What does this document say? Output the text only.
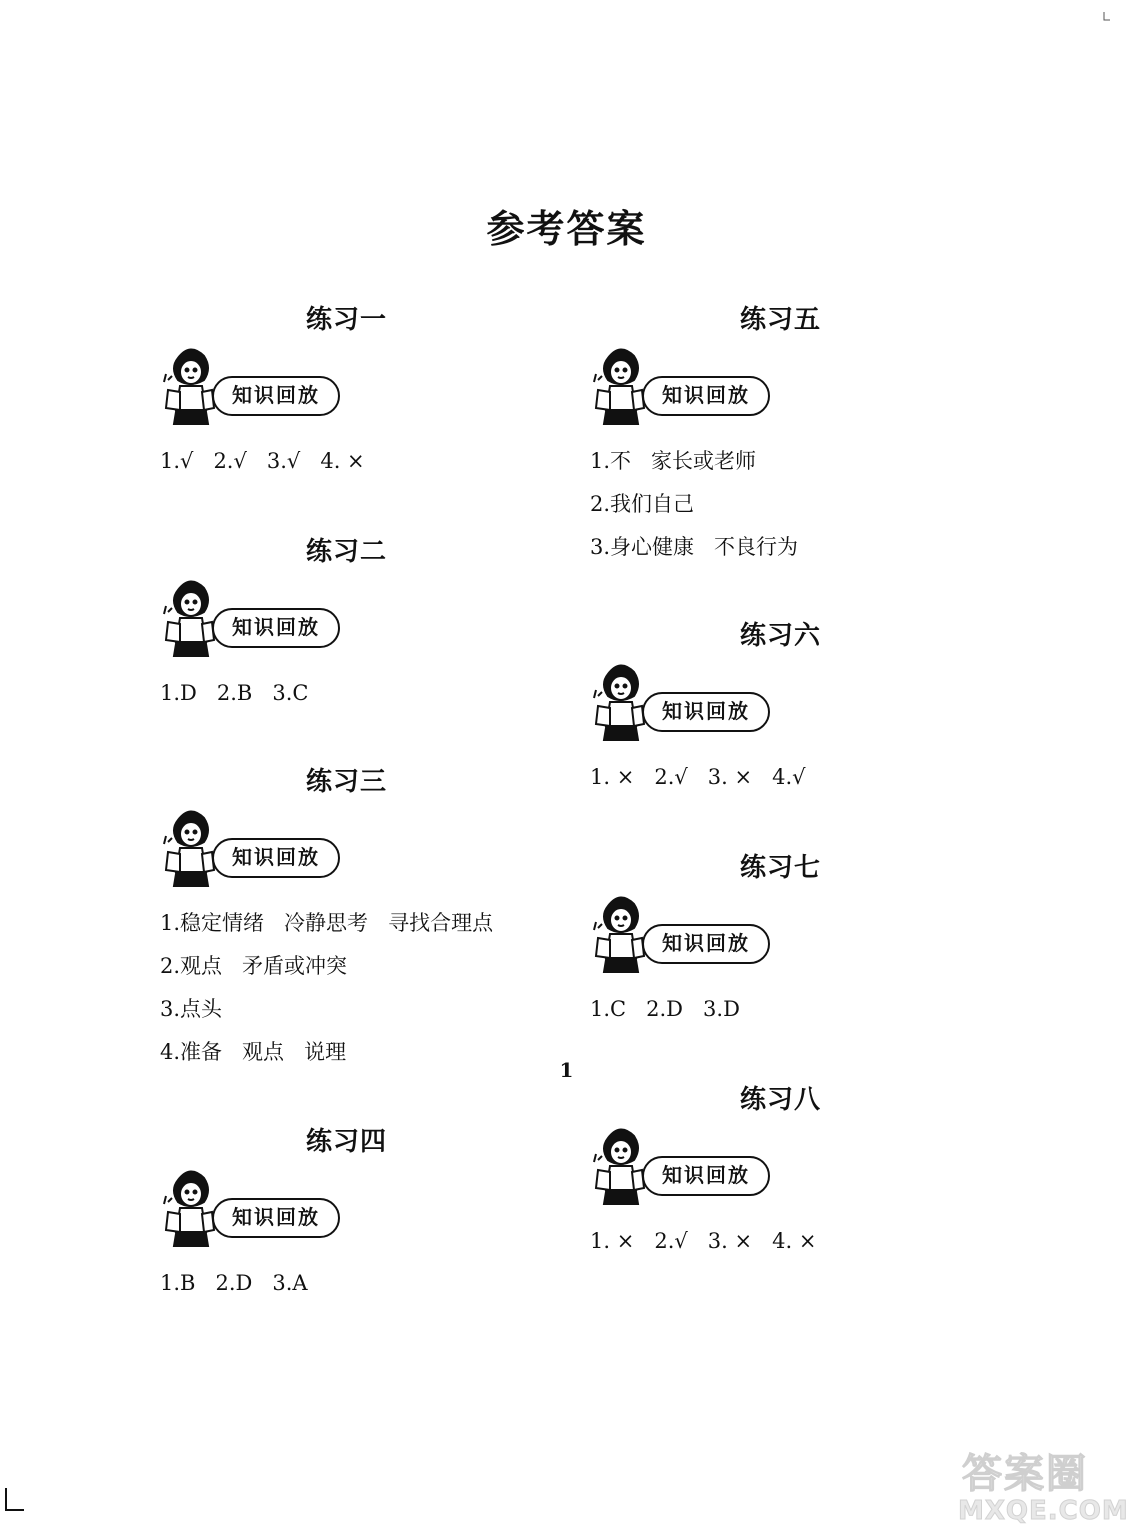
参考答案
练习一
知识回放
1.√   2.√   3.√   4. ×
练习二
知识回放
1.D   2.B   3.C
练习三
知识回放
1.稳定情绪   冷静思考   寻找合理点
2.观点   矛盾或冲突
3.点头
4.准备   观点   说理
练习四
知识回放
1.B   2.D   3.A
练习五
知识回放
1.不   家长或老师
2.我们自己
3.身心健康   不良行为
练习六
知识回放
1. ×   2.√   3. ×   4.√
练习七
知识回放
1.C   2.D   3.D
练习八
知识回放
1. ×   2.√   3. ×   4. ×
1
答案圈
MXQE.COM
